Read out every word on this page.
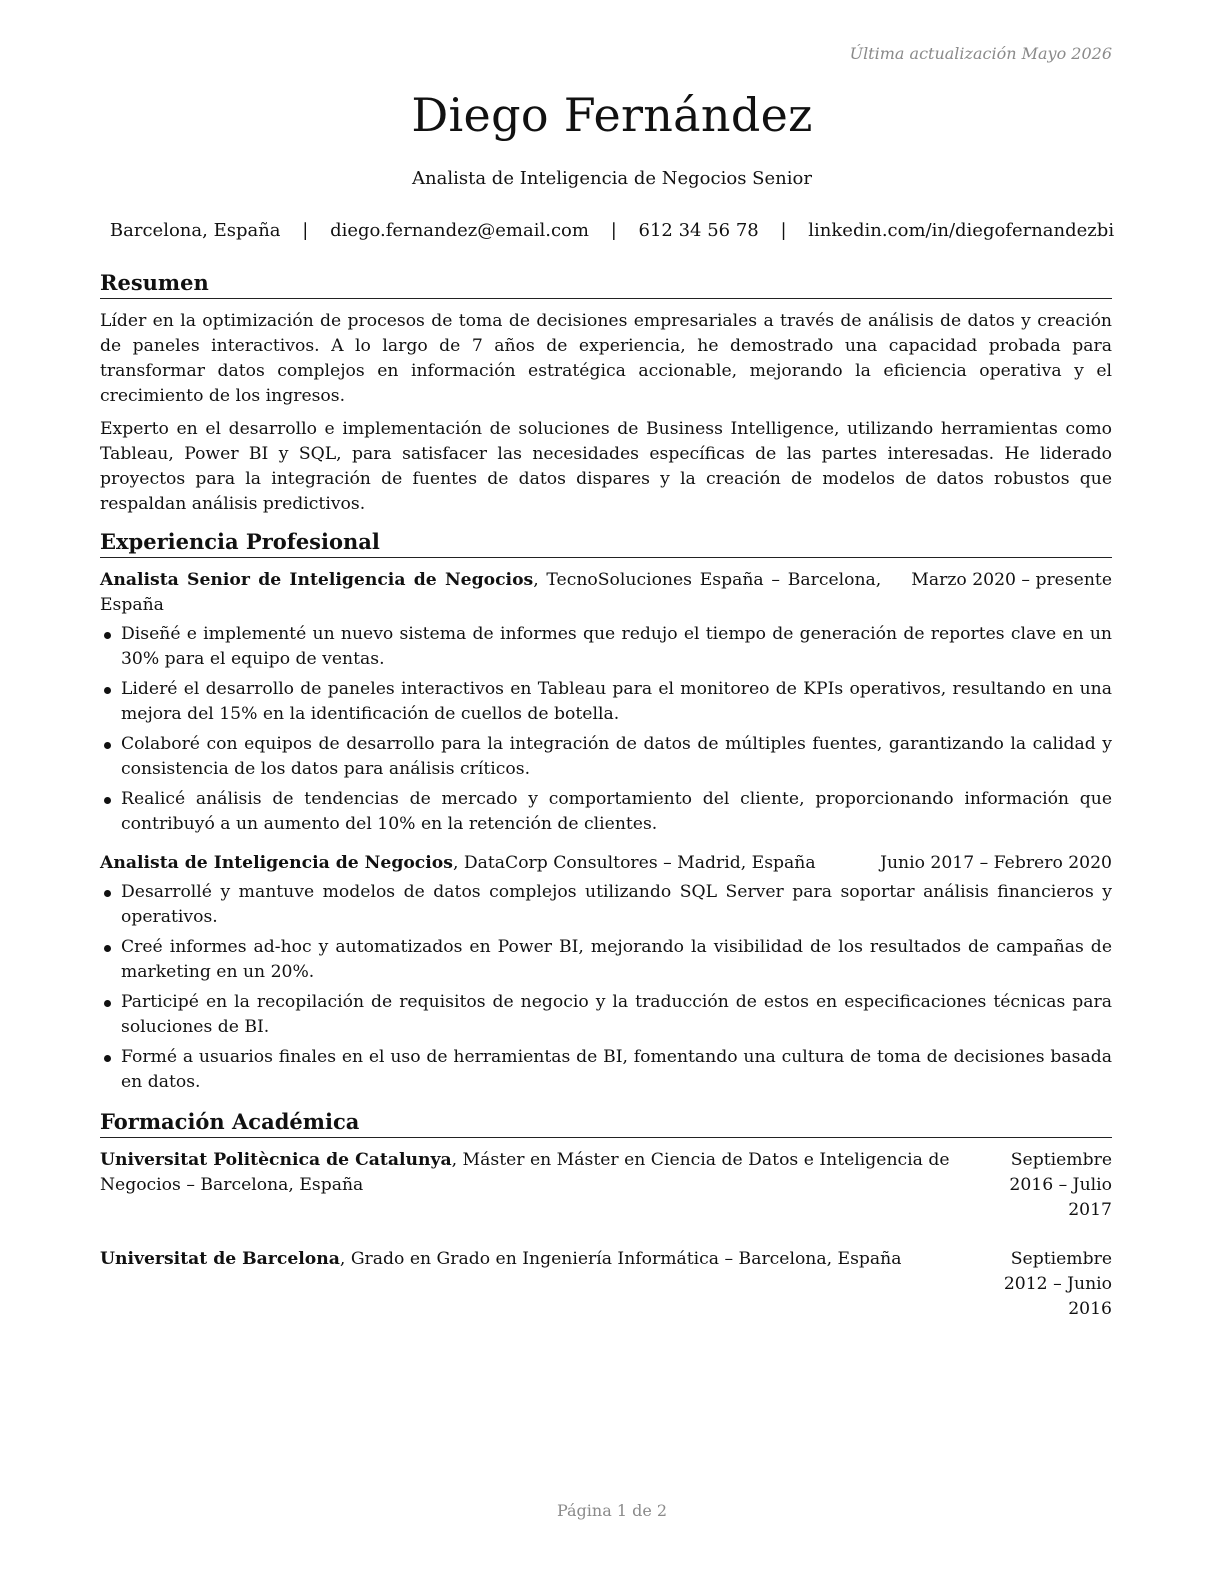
Última actualización Mayo 2026
Diego Fernández
Analista de Inteligencia de Negocios Senior
Barcelona, España | diego.fernandez@email.com | 612 34 56 78 | linkedin.com/in/diegofernandezbi
Resumen

Líder en la optimización de procesos de toma de decisiones empresariales a través de análisis de datos y creación de paneles interactivos. A lo largo de 7 años de experiencia, he demostrado una capacidad probada para transformar datos complejos en información estratégica accionable, mejorando la eficiencia operativa y el crecimiento de los ingresos.

Experto en el desarrollo e implementación de soluciones de Business Intelligence, utilizando herramientas como Tableau, Power BI y SQL, para satisfacer las necesidades específicas de las partes interesadas. He liderado proyectos para la integración de fuentes de datos dispares y la creación de modelos de datos robustos que respaldan análisis predictivos.

Experiencia Profesional
Analista Senior de Inteligencia de Negocios, TecnoSoluciones España – Barcelona, España
Marzo 2020 – presente
Diseñé e implementé un nuevo sistema de informes que redujo el tiempo de generación de reportes clave en un 30% para el equipo de ventas.
Lideré el desarrollo de paneles interactivos en Tableau para el monitoreo de KPIs operativos, resultando en una mejora del 15% en la identificación de cuellos de botella.
Colaboré con equipos de desarrollo para la integración de datos de múltiples fuentes, garantizando la calidad y consistencia de los datos para análisis críticos.
Realicé análisis de tendencias de mercado y comportamiento del cliente, proporcionando información que contribuyó a un aumento del 10% en la retención de clientes.
Analista de Inteligencia de Negocios, DataCorp Consultores – Madrid, España	Junio 2017 – Febrero 2020
Desarrollé y mantuve modelos de datos complejos utilizando SQL Server para soportar análisis financieros y operativos.
Creé informes ad-hoc y automatizados en Power BI, mejorando la visibilidad de los resultados de campañas de marketing en un 20%.
Participé en la recopilación de requisitos de negocio y la traducción de estos en especificaciones técnicas para soluciones de BI.
Formé a usuarios finales en el uso de herramientas de BI, fomentando una cultura de toma de decisiones basada en datos.
Formación Académica
Universitat Politècnica de Catalunya, Máster en Máster en Ciencia de Datos e Inteligencia de Negocios – Barcelona, España
Septiembre 2016 – Julio 2017
Universitat de Barcelona, Grado en Grado en Ingeniería Informática – Barcelona, España	Septiembre 2012 – Junio 2016
Página 1 de 2
